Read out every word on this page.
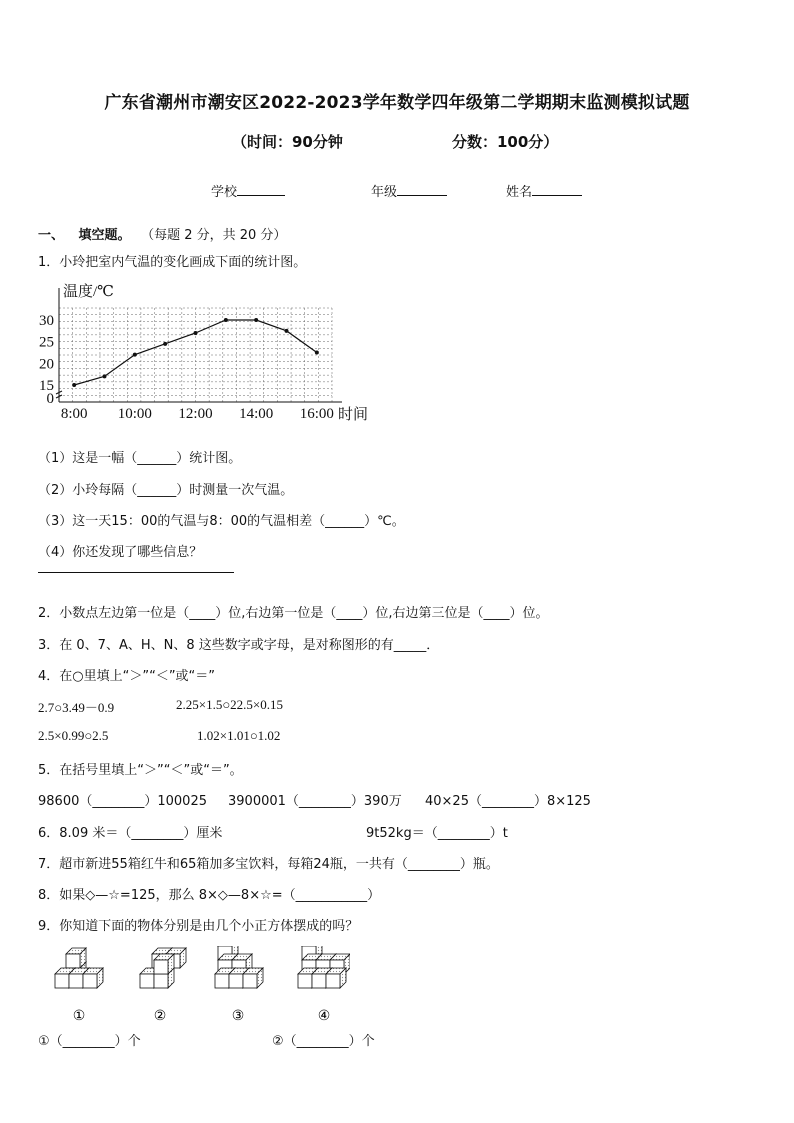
广东省潮州市潮安区2022-2023学年数学四年级第二学期期末监测模拟试题
（时间：90分钟	分数：100分）
学校	年级	姓名
一、 填空题。 （每题 2 分，共 20 分）
1．小玲把室内气温的变化画成下面的统计图。
0
15
20
25
30
8:00 10:00 12:00 14:00 16:00
温度/℃
时间
（1）这是一幅（______）统计图。
（2）小玲每隔（______）时测量一次气温。
（3）这一天15：00的气温与8：00的气温相差（______）℃。
（4）你还发现了哪些信息？
2．小数点左边第一位是（____）位,右边第一位是（____）位,右边第三位是（____）位。
3．在 0、7、A、H、N、8 这些数字或字母，是对称图形的有_____．
4．在○里填上“＞”“＜”或“＝”
2.7○3.49－0.9	2.25×1.5○22.5×0.15
2.5×0.99○2.5	1.02×1.01○1.02
5．在括号里填上“＞”“＜”或“＝”。
98600（________）100025 3900001（________）390万 40×25（________）8×125
6．8.09 米＝（________）厘米	9t52kg＝（________）t
7．超市新进55箱红牛和65箱加多宝饮料，每箱24瓶，一共有（________）瓶。
8．如果◇—☆=125，那么 8×◇—8×☆=（___________）
9．你知道下面的物体分别是由几个小正方体摆成的吗？
①	②	③	④
①（________）个	②（________）个
